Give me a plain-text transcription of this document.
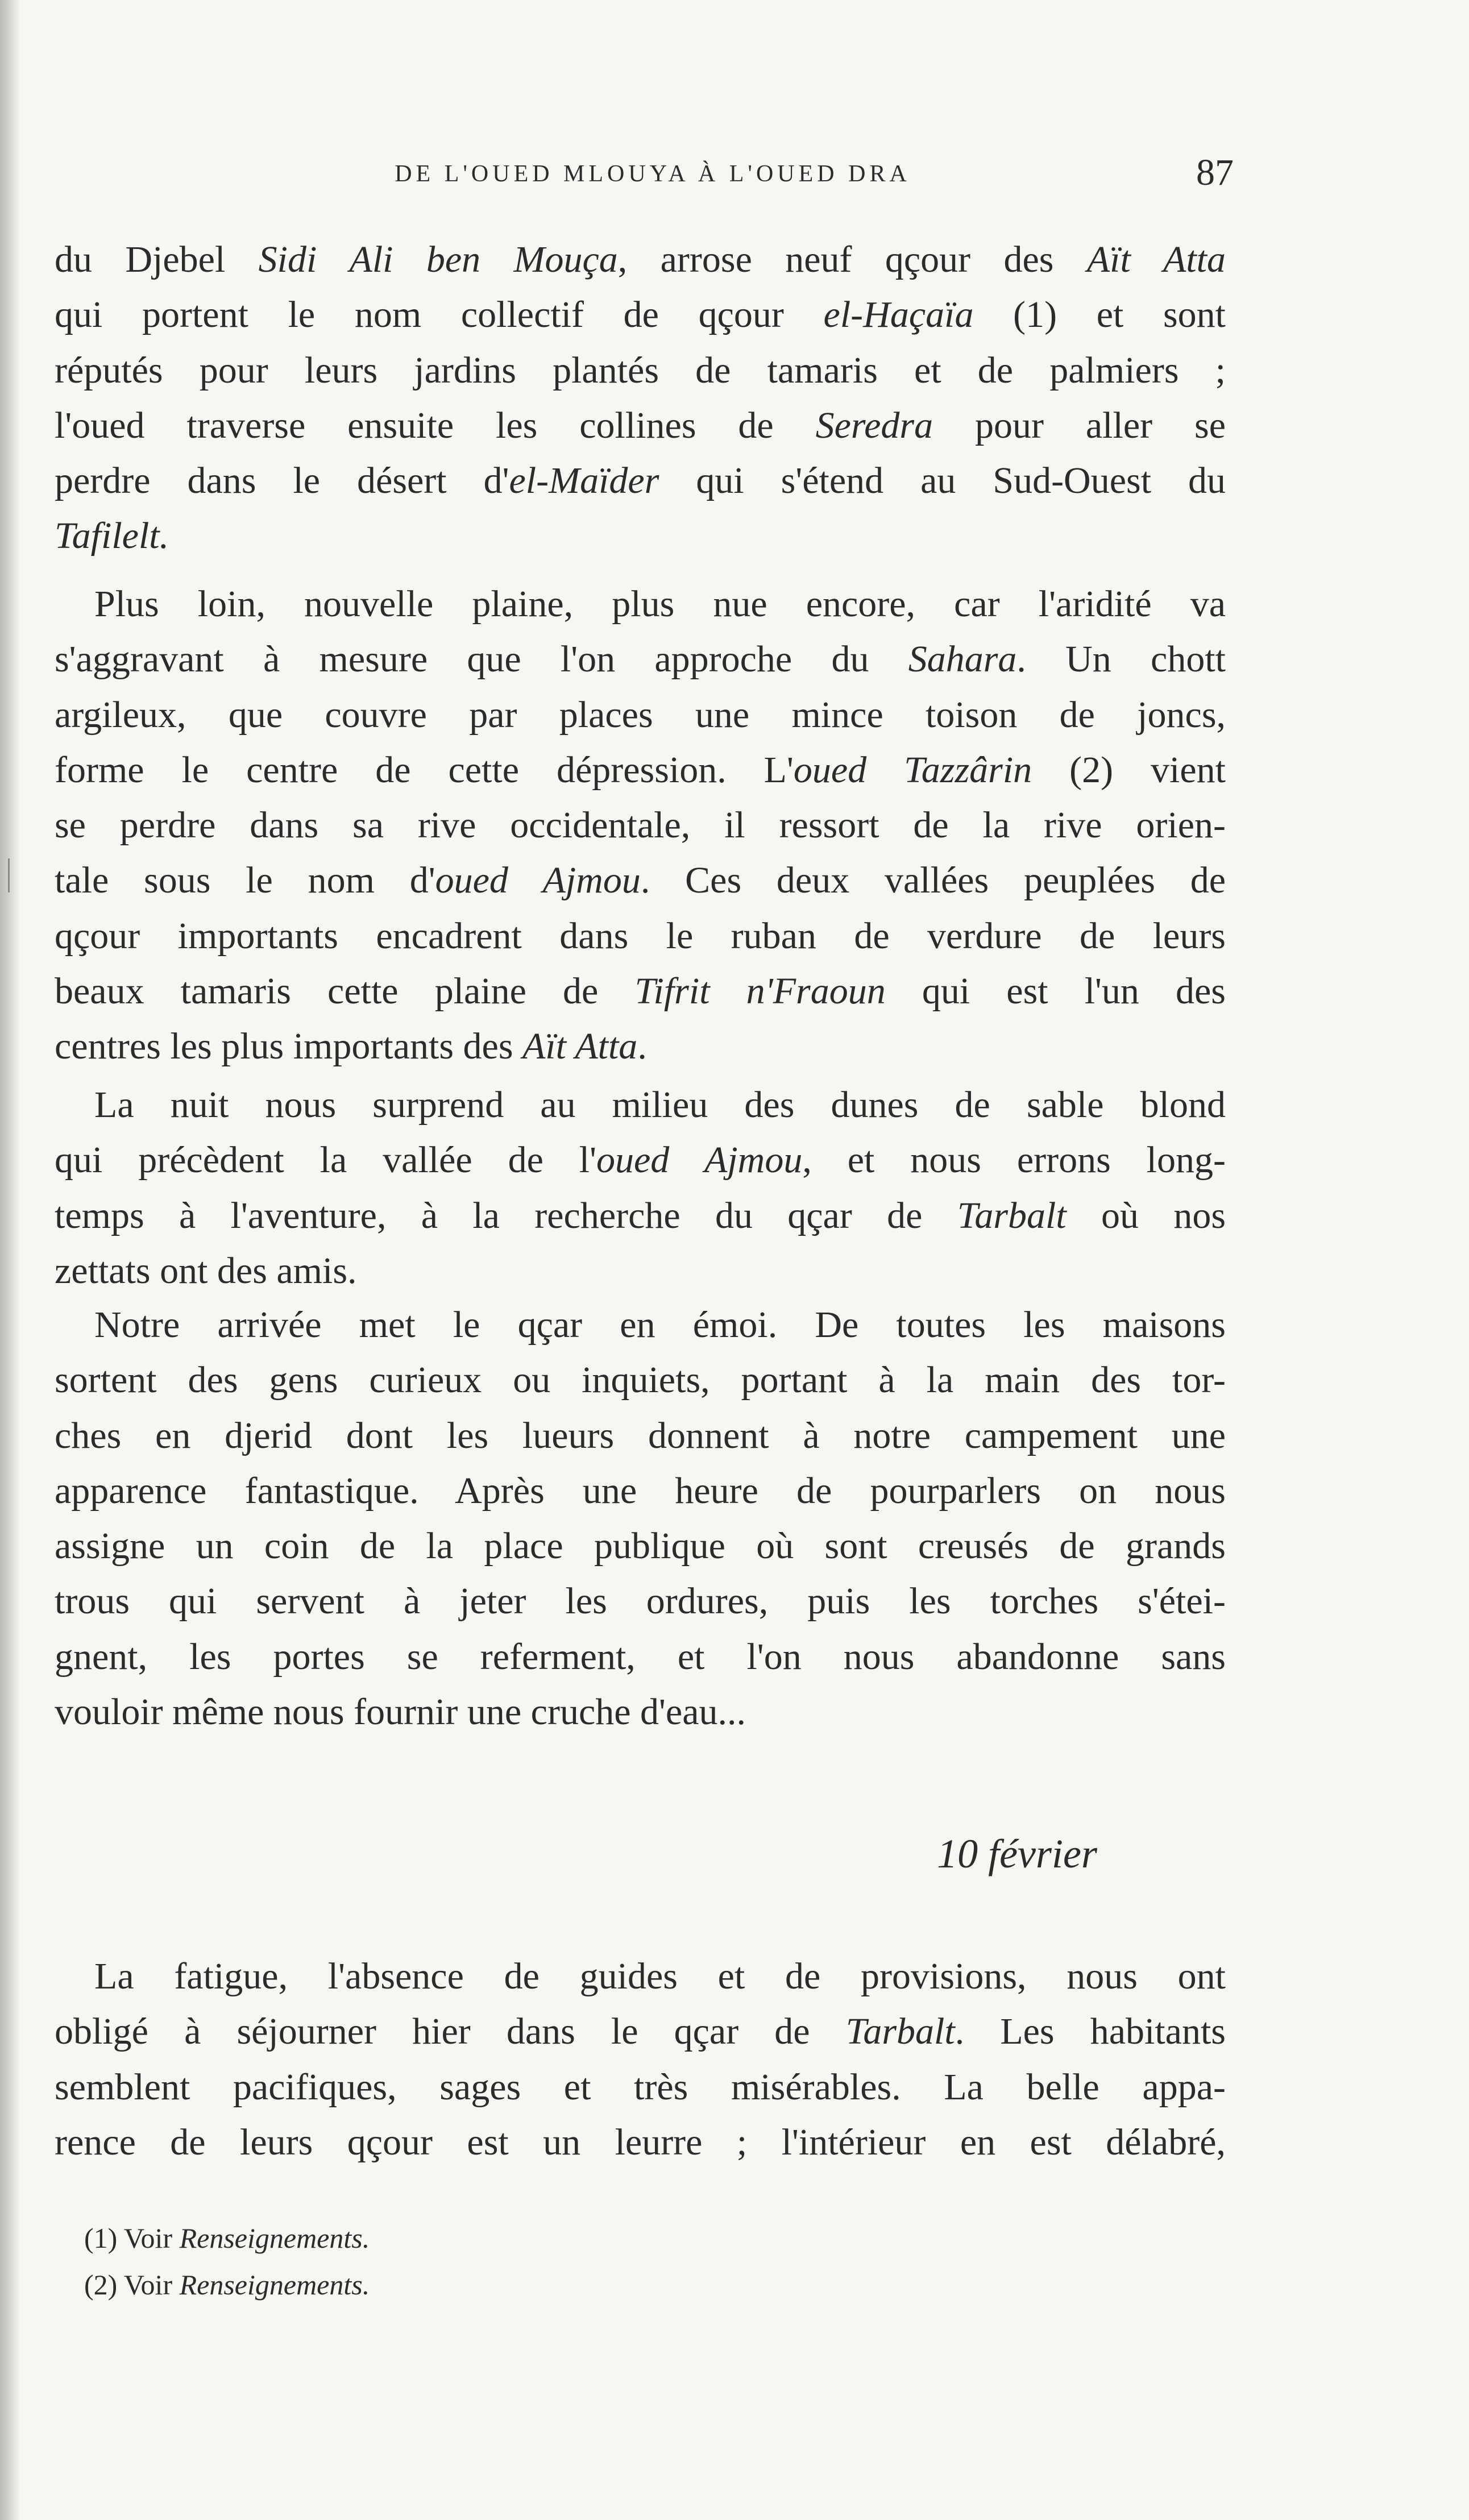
DE L'OUED MLOUYA À L'OUED DRA	87

du Djebel Sidi Ali ben Mouça, arrose neuf qçour des Aït Atta
qui portent le nom collectif de qçour el-Haçaïa (1) et sont
réputés pour leurs jardins plantés de tamaris et de palmiers ;
l'oued traverse ensuite les collines de Seredra pour aller se
perdre dans le désert d'el-Maïder qui s'étend au Sud-Ouest du
Tafilelt.

Plus loin, nouvelle plaine, plus nue encore, car l'aridité va
s'aggravant à mesure que l'on approche du Sahara. Un chott
argileux, que couvre par places une mince toison de joncs,
forme le centre de cette dépression. L'oued Tazzârin (2) vient
se perdre dans sa rive occidentale, il ressort de la rive orien-
tale sous le nom d'oued Ajmou. Ces deux vallées peuplées de
qçour importants encadrent dans le ruban de verdure de leurs
beaux tamaris cette plaine de Tifrit n'Fraoun qui est l'un des
centres les plus importants des Aït Atta.

La nuit nous surprend au milieu des dunes de sable blond
qui précèdent la vallée de l'oued Ajmou, et nous errons long-
temps à l'aventure, à la recherche du qçar de Tarbalt où nos
zettats ont des amis.

Notre arrivée met le qçar en émoi. De toutes les maisons
sortent des gens curieux ou inquiets, portant à la main des tor-
ches en djerid dont les lueurs donnent à notre campement une
apparence fantastique. Après une heure de pourparlers on nous
assigne un coin de la place publique où sont creusés de grands
trous qui servent à jeter les ordures, puis les torches s'étei-
gnent, les portes se referment, et l'on nous abandonne sans
vouloir même nous fournir une cruche d'eau...

10 février

La fatigue, l'absence de guides et de provisions, nous ont
obligé à séjourner hier dans le qçar de Tarbalt. Les habitants
semblent pacifiques, sages et très misérables. La belle appa-
rence de leurs qçour est un leurre ; l'intérieur en est délabré,

(1) Voir Renseignements.
(2) Voir Renseignements.
